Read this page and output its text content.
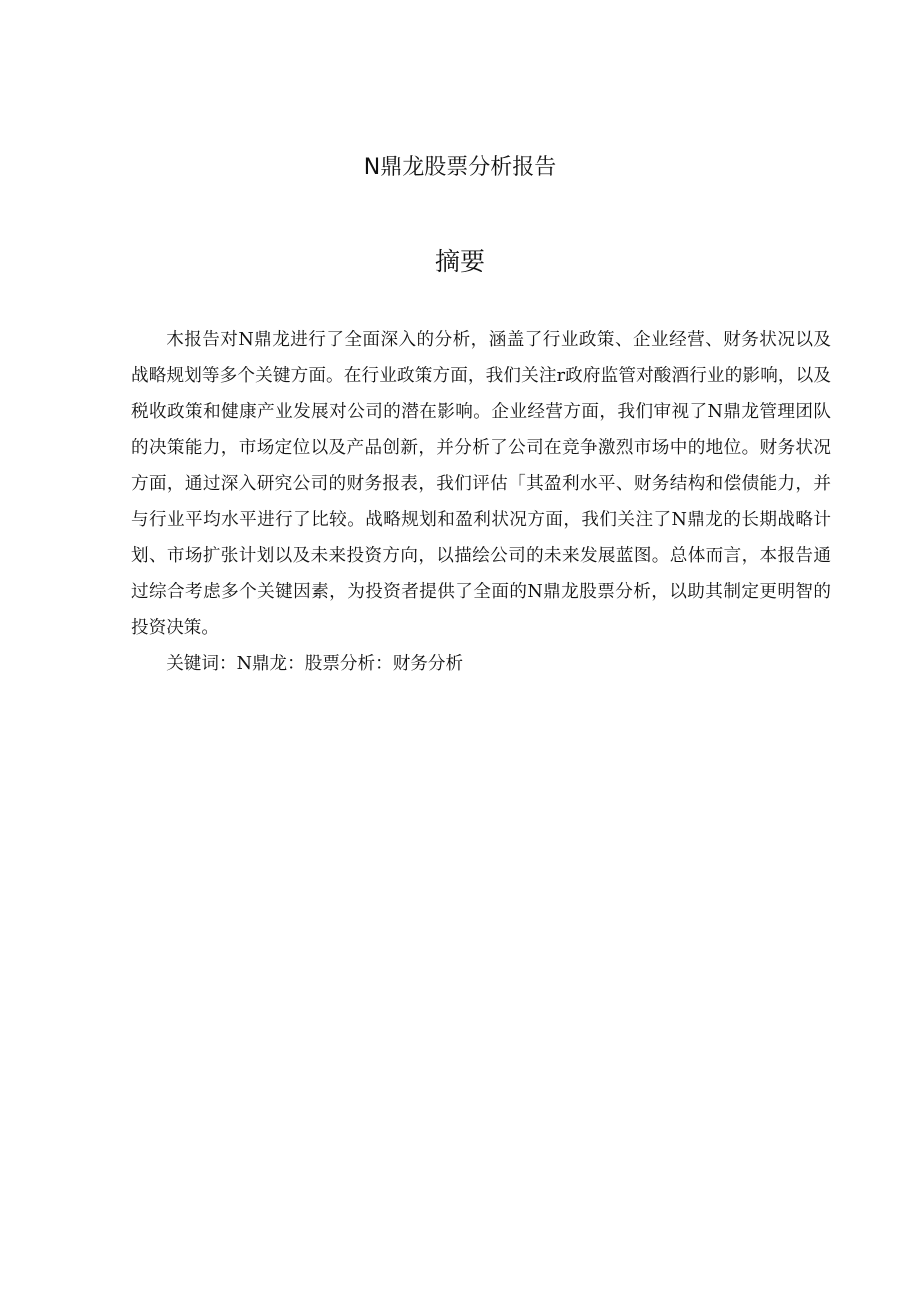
N鼎龙股票分析报告
摘要

木报告对N鼎龙进行了全面深入的分析，涵盖了行业政策、企业经营、财务状况以及战略规划等多个关键方面。在行业政策方面，我们关注r政府监管对酸酒行业的影响，以及税收政策和健康产业发展对公司的潜在影响。企业经营方面，我们审视了N鼎龙管理团队的决策能力，市场定位以及产品创新，并分析了公司在竞争激烈市场中的地位。财务状况方面，通过深入研究公司的财务报表，我们评估「其盈利水平、财务结构和偿债能力，并与行业平均水平进行了比较。战略规划和盈利状况方面，我们关注了N鼎龙的长期战略计划、市场扩张计划以及未来投资方向，以描绘公司的未来发展蓝图。总体而言，本报告通过综合考虑多个关键因素，为投资者提供了全面的N鼎龙股票分析，以助其制定更明智的投资决策。

关键词：N鼎龙：股票分析：财务分析
